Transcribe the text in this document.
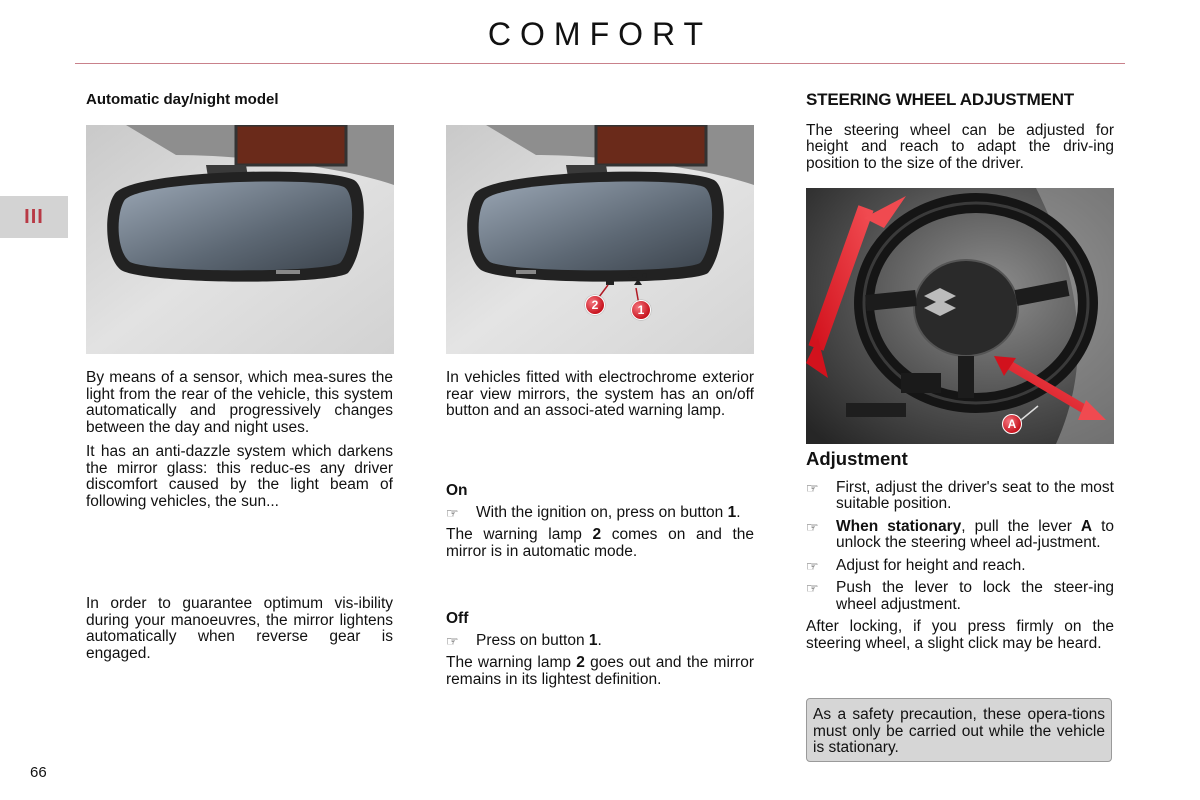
COMFORT
III
66
Automatic day/night model

By means of a sensor, which mea-sures the light from the rear of the vehicle, this system automatically and progressively changes between the day and night uses.

It has an anti-dazzle system which darkens the mirror glass: this reduc-es any driver discomfort caused by the light beam of following vehicles, the sun...

In order to guarantee optimum vis-ibility during your manoeuvres, the mirror lightens automatically when reverse gear is engaged.

AUTO
2	1

In vehicles fitted with electrochrome exterior rear view mirrors, the system has an on/off button and an associ-ated warning lamp.

On
☞	With the ignition on, press on button 1.

The warning lamp 2 comes on and the mirror is in automatic mode.

Off
☞	Press on button 1.

The warning lamp 2 goes out and the mirror remains in its lightest definition.

STEERING WHEEL ADJUSTMENT

The steering wheel can be adjusted for height and reach to adapt the driv-ing position to the size of the driver.

A
Adjustment
☞	First, adjust the driver's seat to the most suitable position.
☞	When stationary, pull the lever A to unlock the steering wheel ad-justment.
☞	Adjust for height and reach.
☞	Push the lever to lock the steer-ing wheel adjustment.

After locking, if you press firmly on the steering wheel, a slight click may be heard.

As a safety precaution, these opera-tions must only be carried out while the vehicle is stationary.
